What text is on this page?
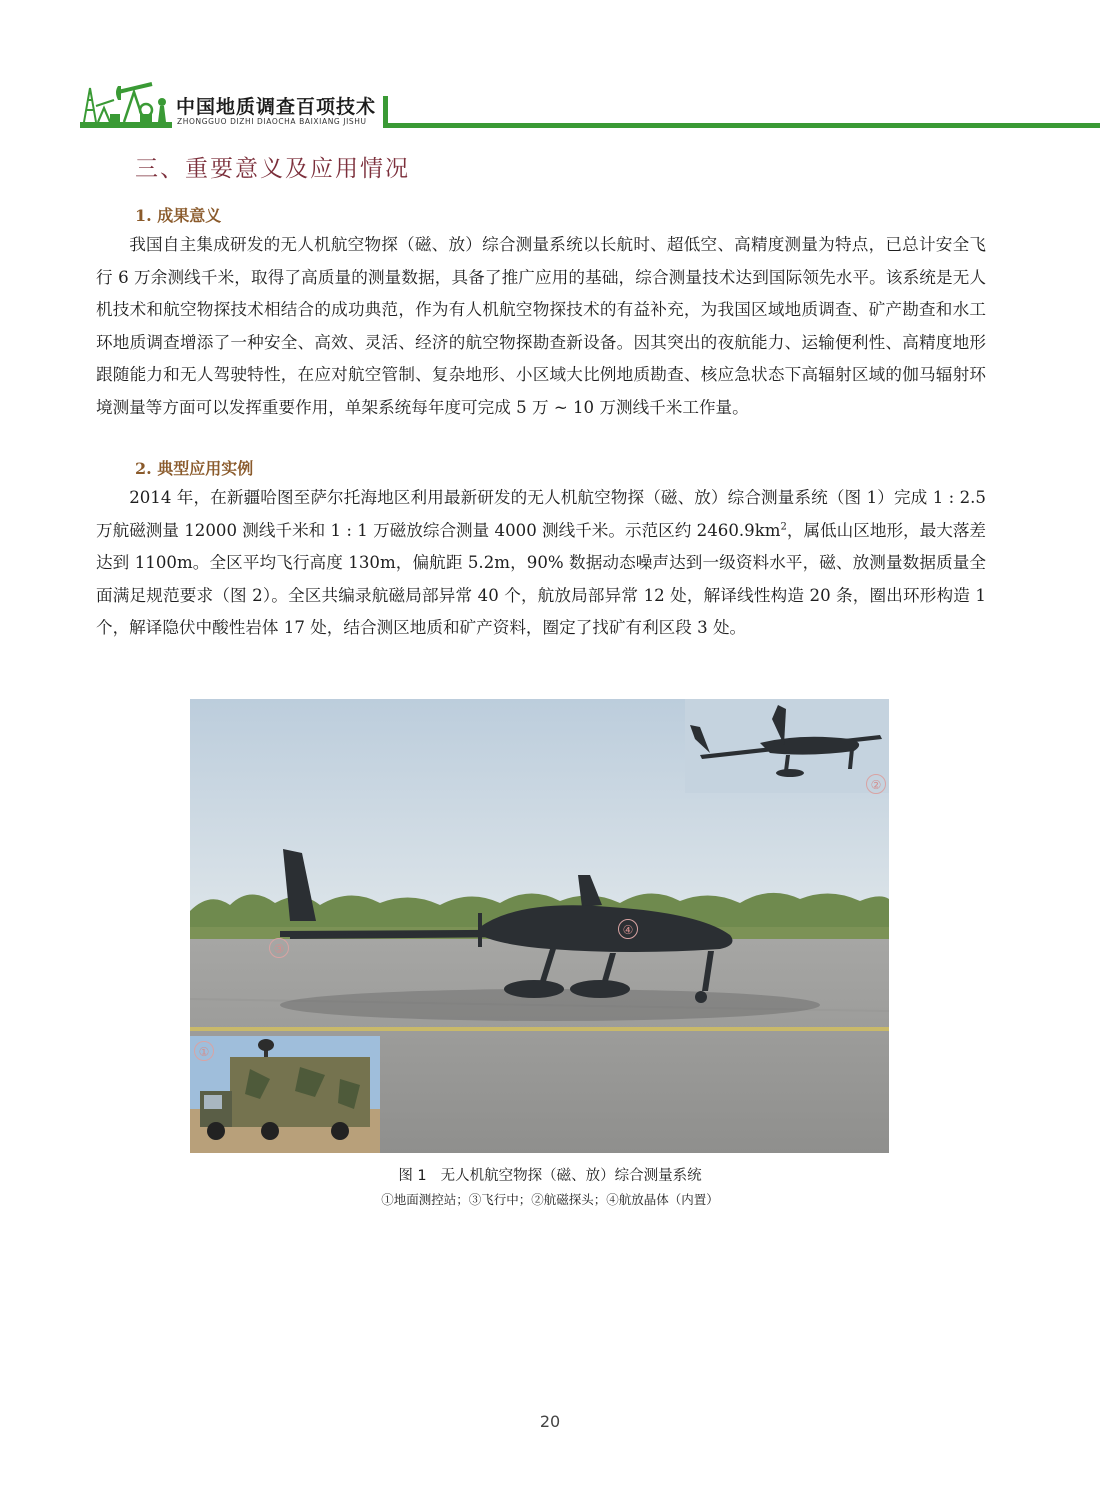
中国地质调查百项技术
ZHONGGUO DIZHI DIAOCHA BAIXIANG JISHU
三、重要意义及应用情况
1. 成果意义
我国自主集成研发的无人机航空物探（磁、放）综合测量系统以长航时、超低空、高精度测量为特点，已总计安全飞行 6 万余测线千米，取得了高质量的测量数据，具备了推广应用的基础，综合测量技术达到国际领先水平。该系统是无人机技术和航空物探技术相结合的成功典范，作为有人机航空物探技术的有益补充，为我国区域地质调查、矿产勘查和水工环地质调查增添了一种安全、高效、灵活、经济的航空物探勘查新设备。因其突出的夜航能力、运输便利性、高精度地形跟随能力和无人驾驶特性，在应对航空管制、复杂地形、小区域大比例地质勘查、核应急状态下高辐射区域的伽马辐射环境测量等方面可以发挥重要作用，单架系统每年度可完成 5 万 ~ 10 万测线千米工作量。
2. 典型应用实例
2014 年，在新疆哈图至萨尔托海地区利用最新研发的无人机航空物探（磁、放）综合测量系统（图 1）完成 1 : 2.5 万航磁测量 12000 测线千米和 1 : 1 万磁放综合测量 4000 测线千米。示范区约 $2460.9km^2$，属低山区地形，最大落差达到 1100m。全区平均飞行高度 130m，偏航距 5.2m，90% 数据动态噪声达到一级资料水平，磁、放测量数据质量全面满足规范要求（图 2）。全区共编录航磁局部异常 40 个，航放局部异常 12 处，解译线性构造 20 条，圈出环形构造 1 个，解译隐伏中酸性岩体 17 处，结合测区地质和矿产资料，圈定了找矿有利区段 3 处。
①
②
③
④
图 1 无人机航空物探（磁、放）综合测量系统
①地面测控站；③飞行中；②航磁探头；④航放晶体（内置）
20
